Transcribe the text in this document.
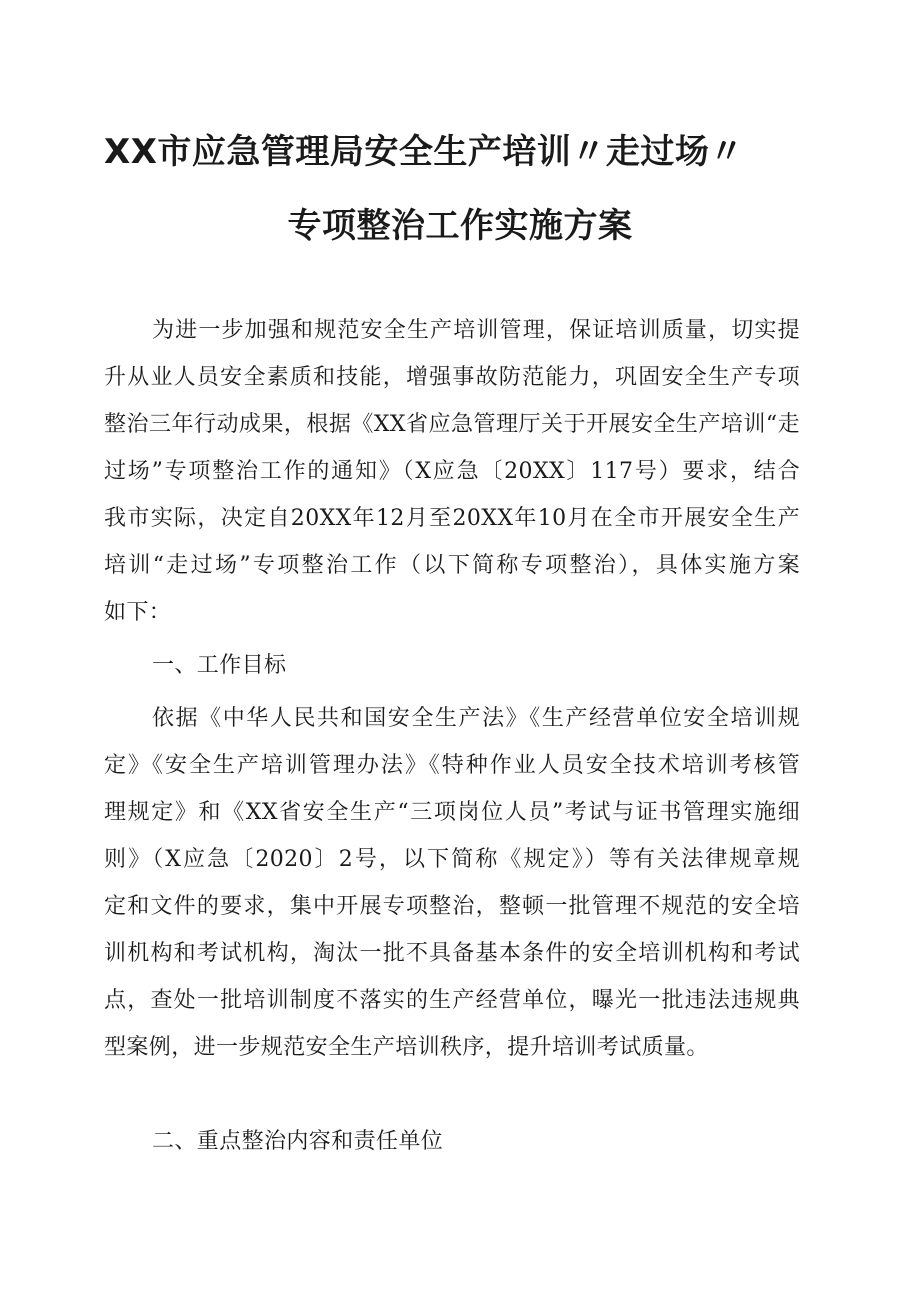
XX市应急管理局安全生产培训〃走过场〃
专项整治工作实施方案

为进一步加强和规范安全生产培训管理，保证培训质量，切实提

升从业人员安全素质和技能，增强事故防范能力，巩固安全生产专项

整治三年行动成果，根据《XX省应急管理厅关于开展安全生产培训“走

过场”专项整治工作的通知》（X应急〔20XX〕117号）要求，结合

我市实际，决定自20XX年12月至20XX年10月在全市开展安全生产

培训“走过场”专项整治工作（以下简称专项整治），具体实施方案

如下：

一、工作目标

依据《中华人民共和国安全生产法》《生产经营单位安全培训规

定》《安全生产培训管理办法》《特种作业人员安全技术培训考核管

理规定》和《XX省安全生产“三项岗位人员”考试与证书管理实施细

则》（X应急〔2020〕2号，以下简称《规定》）等有关法律规章规

定和文件的要求，集中开展专项整治，整顿一批管理不规范的安全培

训机构和考试机构，淘汰一批不具备基本条件的安全培训机构和考试

点，查处一批培训制度不落实的生产经营单位，曝光一批违法违规典

型案例，进一步规范安全生产培训秩序，提升培训考试质量。

二、重点整治内容和责任单位
